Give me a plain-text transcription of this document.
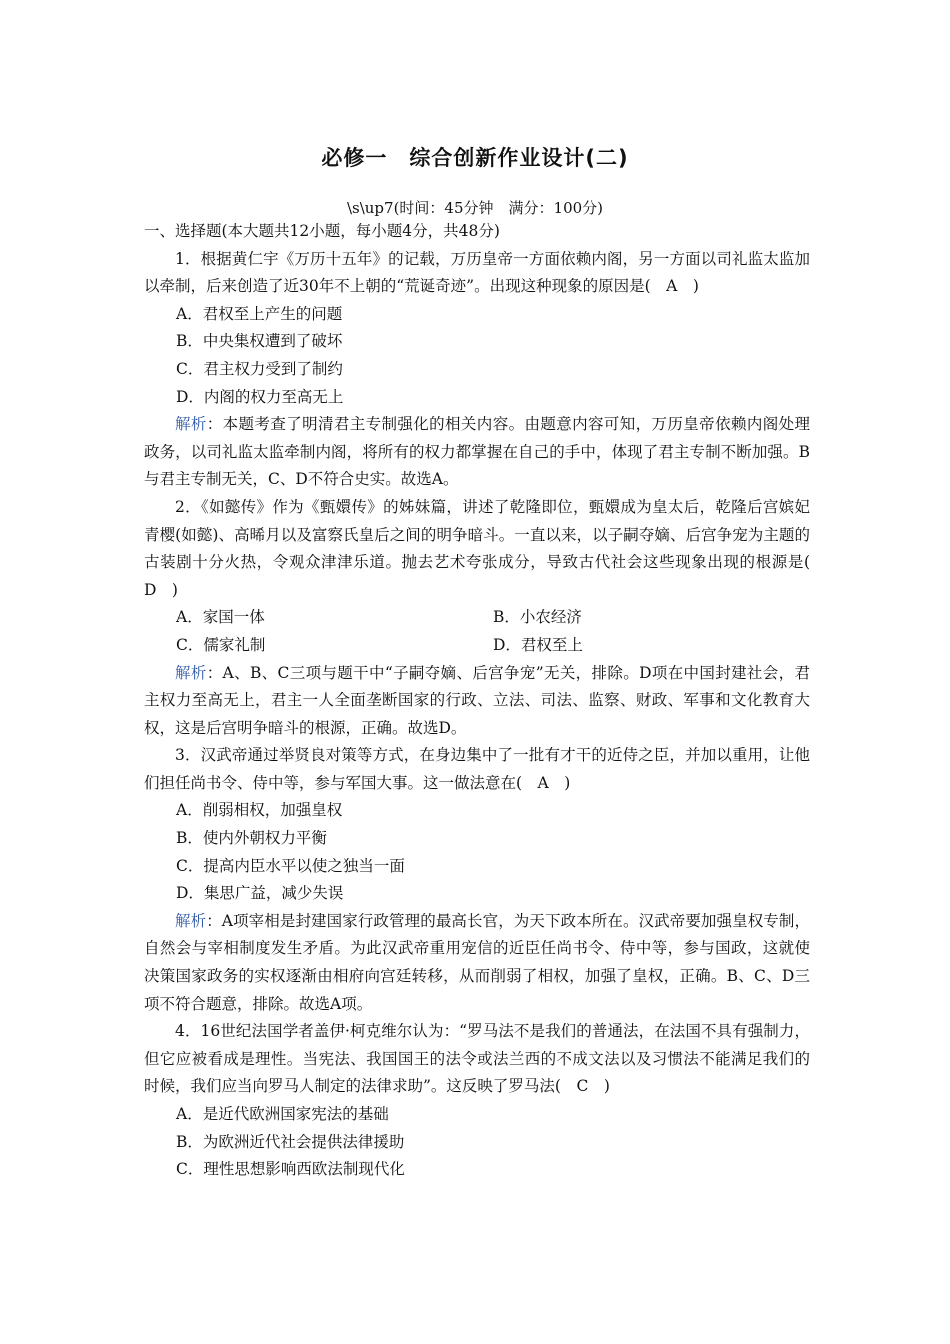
必修一　综合创新作业设计(二)
\s\up7(时间：45分钟　满分：100分)
一、选择题(本大题共12小题，每小题4分，共48分)
1．根据黄仁宇《万历十五年》的记载，万历皇帝一方面依赖内阁，另一方面以司礼监太监加以牵制，后来创造了近30年不上朝的“荒诞奇迹”。出现这种现象的原因是(　A　)
A．君权至上产生的问题
B．中央集权遭到了破坏
C．君主权力受到了制约
D．内阁的权力至高无上
解析：本题考查了明清君主专制强化的相关内容。由题意内容可知，万历皇帝依赖内阁处理政务，以司礼监太监牵制内阁，将所有的权力都掌握在自己的手中，体现了君主专制不断加强。B与君主专制无关，C、D不符合史实。故选A。
2．《如懿传》作为《甄嬛传》的姊妹篇，讲述了乾隆即位，甄嬛成为皇太后，乾隆后宫嫔妃青樱(如懿)、高晞月以及富察氏皇后之间的明争暗斗。一直以来，以子嗣夺嫡、后宫争宠为主题的古装剧十分火热，令观众津津乐道。抛去艺术夸张成分，导致古代社会这些现象出现的根源是(　D　)
A．家国一体	B．小农经济
C．儒家礼制	D．君权至上
解析：A、B、C三项与题干中“子嗣夺嫡、后宫争宠”无关，排除。D项在中国封建社会，君主权力至高无上，君主一人全面垄断国家的行政、立法、司法、监察、财政、军事和文化教育大权，这是后宫明争暗斗的根源，正确。故选D。
3．汉武帝通过举贤良对策等方式，在身边集中了一批有才干的近侍之臣，并加以重用，让他们担任尚书令、侍中等，参与军国大事。这一做法意在(　A　)
A．削弱相权，加强皇权
B．使内外朝权力平衡
C．提高内臣水平以使之独当一面
D．集思广益，减少失误
解析：A项宰相是封建国家行政管理的最高长官，为天下政本所在。汉武帝要加强皇权专制，自然会与宰相制度发生矛盾。为此汉武帝重用宠信的近臣任尚书令、侍中等，参与国政，这就使决策国家政务的实权逐渐由相府向宫廷转移，从而削弱了相权，加强了皇权，正确。B、C、D三项不符合题意，排除。故选A项。
4．16世纪法国学者盖伊·柯克维尔认为：“罗马法不是我们的普通法，在法国不具有强制力，但它应被看成是理性。当宪法、我国国王的法令或法兰西的不成文法以及习惯法不能满足我们的时候，我们应当向罗马人制定的法律求助”。这反映了罗马法(　C　)
A．是近代欧洲国家宪法的基础
B．为欧洲近代社会提供法律援助
C．理性思想影响西欧法制现代化
